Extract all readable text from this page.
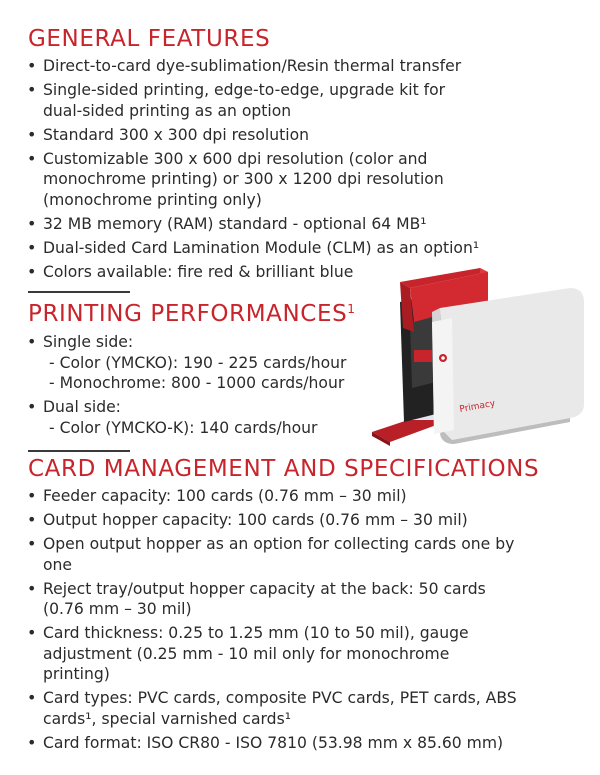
GENERAL FEATURES
• Direct-to-card dye-sublimation/Resin thermal transfer
• Single-sided printing, edge-to-edge, upgrade kit for dual-sided printing as an option
• Standard 300 x 300 dpi resolution
• Customizable 300 x 600 dpi resolution (color and monochrome printing) or 300 x 1200 dpi resolution (monochrome printing only)
• 32 MB memory (RAM) standard - optional 64 MB¹
• Dual-sided Card Lamination Module (CLM) as an option¹
• Colors available: fire red & brilliant blue
PRINTING PERFORMANCES$^1$
• Single side:
- Color (YMCKO): 190 - 225 cards/hour
- Monochrome: 800 - 1000 cards/hour
• Dual side:
- Color (YMCKO-K): 140 cards/hour
Primacy
CARD MANAGEMENT AND SPECIFICATIONS
• Feeder capacity: 100 cards (0.76 mm – 30 mil)
• Output hopper capacity: 100 cards (0.76 mm – 30 mil)
• Open output hopper as an option for collecting cards one by one
• Reject tray/output hopper capacity at the back: 50 cards (0.76 mm – 30 mil)
• Card thickness: 0.25 to 1.25 mm (10 to 50 mil), gauge adjustment (0.25 mm - 10 mil only for monochrome printing)
• Card types: PVC cards, composite PVC cards, PET cards, ABS cards¹, special varnished cards¹
• Card format: ISO CR80 - ISO 7810 (53.98 mm x 85.60 mm)
